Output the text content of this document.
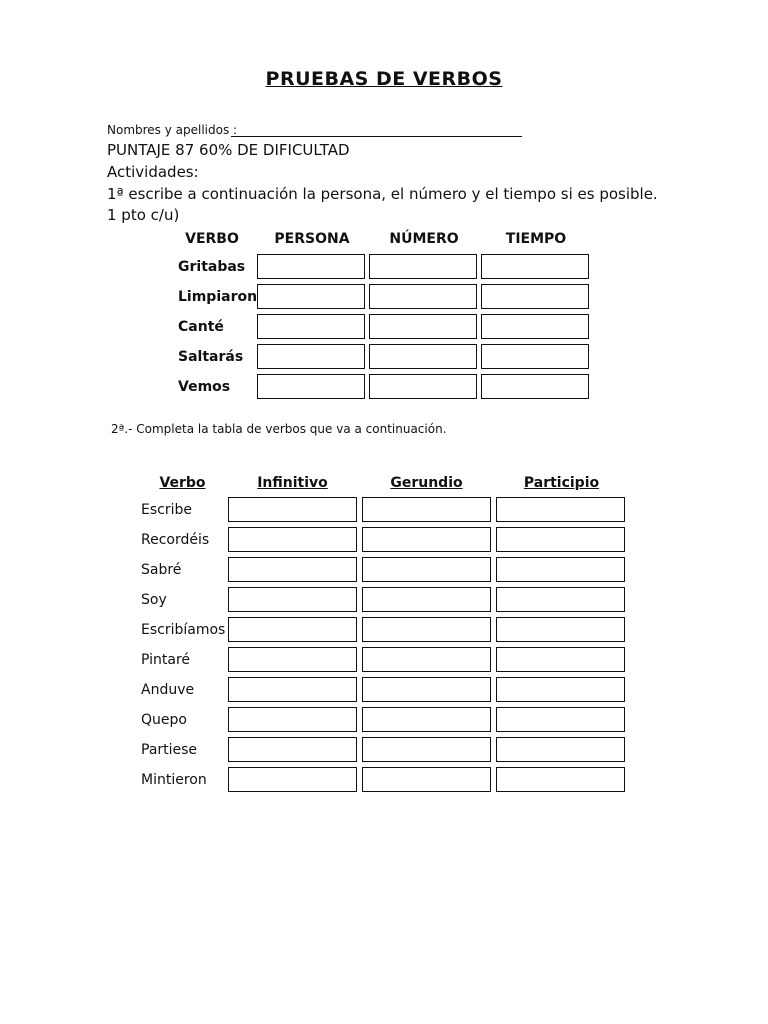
PRUEBAS DE VERBOS
Nombres y apellidos :
PUNTAJE 87 60% DE DIFICULTAD
Actividades:
1ª escribe a continuación la persona, el número y el tiempo si es posible. 1 pto c/u)
VERBO	PERSONA	NÚMERO	TIEMPO
Gritabas
Limpiaron
Canté
Saltarás
Vemos
2ª.- Completa la tabla de verbos que va a continuación.
Verbo	Infinitivo	Gerundio	Participio
Escribe
Recordéis
Sabré
Soy
Escribíamos
Pintaré
Anduve
Quepo
Partiese
Mintieron
